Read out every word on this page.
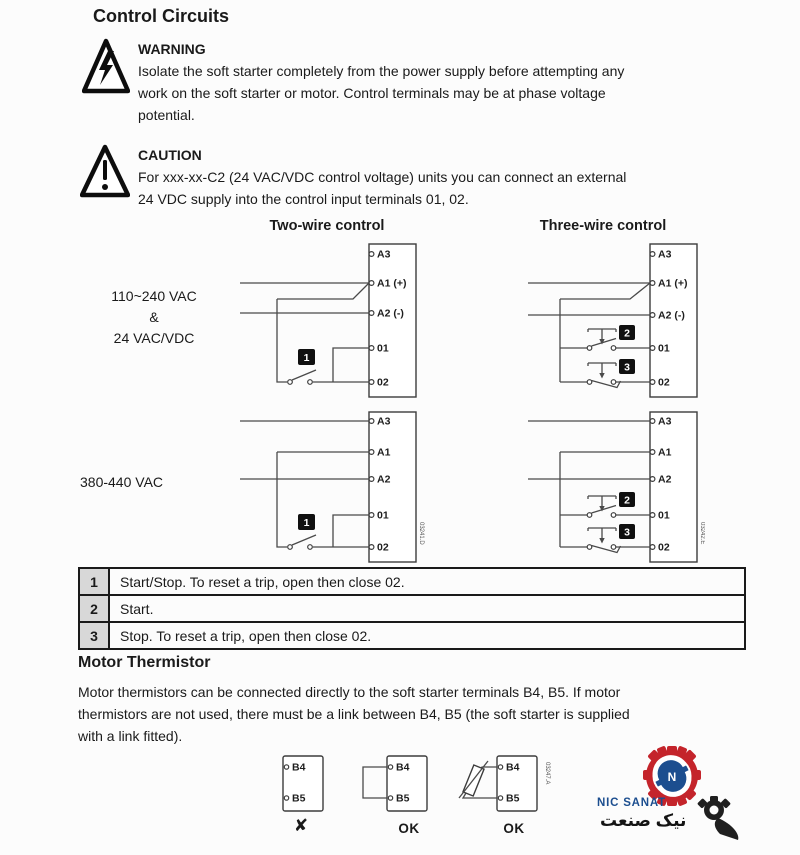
Control Circuits
WARNING
Isolate the soft starter completely from the power supply before attempting any
work on the soft starter or motor. Control terminals may be at phase voltage
potential.
CAUTION
For xxx-xx-C2 (24 VAC/VDC control voltage) units you can connect an external
24 VDC supply into the control input terminals 01, 02.
Two-wire control	Three-wire control
110~240 VAC
&
24 VAC/VDC
380-440 VAC
1
A3
A1 (+)
A2 (-)
01
02
2
3
A3
A1 (+)
A2 (-)
01
02
1
A3
A1
A2
01
02
03241.D
2
3
A3
A1
A2
01
02
03242.E
1	Start/Stop. To reset a trip, open then close 02.
2	Start.
3	Stop. To reset a trip, open then close 02.
Motor Thermistor
Motor thermistors can be connected directly to the soft starter terminals B4, B5. If motor
thermistors are not used, there must be a link between B4, B5 (the soft starter is supplied
with a link fitted).
B4
B5
B4
B5
B4
B5
03247.A
✘	OK	OK
N
NIC SANAT
نیک صنعت
